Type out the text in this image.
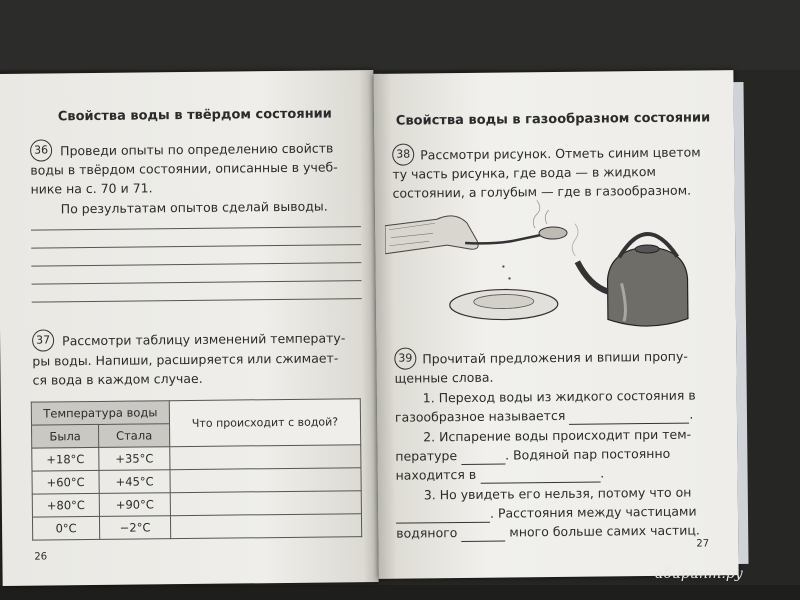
Свойства воды в твёрдом состоянии
36 Проведи опыты по определению свойств
воды в твёрдом состоянии, описанные в учеб-
нике на с. 70 и 71.
По результатам опытов сделай выводы.
37 Рассмотри таблицу изменений температу-
ры воды. Напиши, расширяется или сжимает-
ся вода в каждом случае.
Температура воды		Что происходит с водой?
Была	Стала	
+18°С	+35°С	
+60°С	+45°С	
+80°С	+90°С	
0°С	−2°С	
26
Свойства воды в газообразном состоянии
38 Рассмотри рисунок. Отметь синим цветом
ту часть рисунка, где вода — в жидком
состоянии, а голубым — где в газообразном.
39 Прочитай предложения и впиши пропу-
щенные слова.
1. Переход воды из жидкого состояния в
газообразное называется	.
2. Испарение воды происходит при тем-
пературе	. Водяной пар постоянно
находится в	.
3. Но увидеть его нельзя, потому что он
. Расстояния между частицами
водяного	много больше самих частиц.
27
абиринт.ру
